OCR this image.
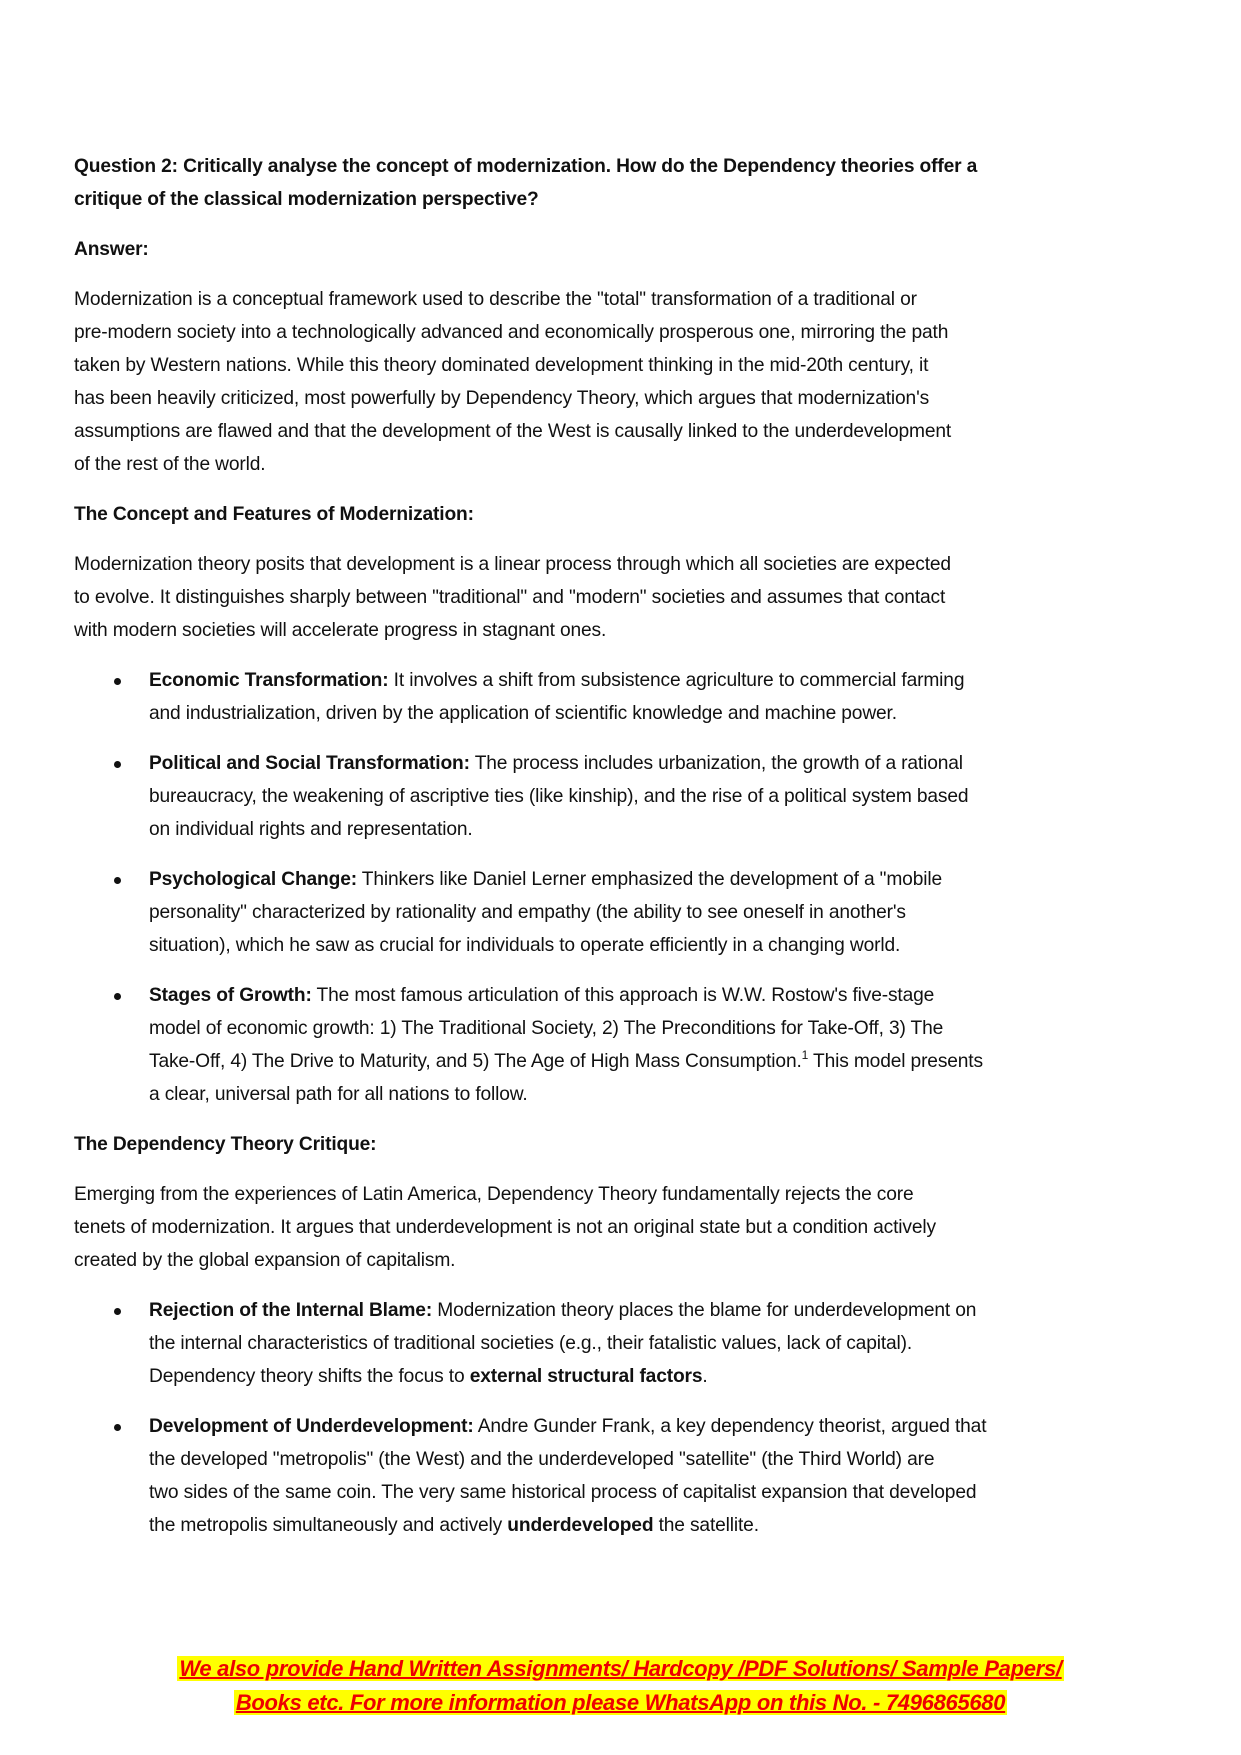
Question 2: Critically analyse the concept of modernization. How do the Dependency theories offer a
critique of the classical modernization perspective?

Answer:

Modernization is a conceptual framework used to describe the "total" transformation of a traditional or
pre-modern society into a technologically advanced and economically prosperous one, mirroring the path
taken by Western nations. While this theory dominated development thinking in the mid-20th century, it
has been heavily criticized, most powerfully by Dependency Theory, which argues that modernization's
assumptions are flawed and that the development of the West is causally linked to the underdevelopment
of the rest of the world.

The Concept and Features of Modernization:

Modernization theory posits that development is a linear process through which all societies are expected
to evolve. It distinguishes sharply between "traditional" and "modern" societies and assumes that contact
with modern societies will accelerate progress in stagnant ones.

Economic Transformation: It involves a shift from subsistence agriculture to commercial farming
and industrialization, driven by the application of scientific knowledge and machine power.
Political and Social Transformation: The process includes urbanization, the growth of a rational
bureaucracy, the weakening of ascriptive ties (like kinship), and the rise of a political system based
on individual rights and representation.
Psychological Change: Thinkers like Daniel Lerner emphasized the development of a "mobile
personality" characterized by rationality and empathy (the ability to see oneself in another's
situation), which he saw as crucial for individuals to operate efficiently in a changing world.
Stages of Growth: The most famous articulation of this approach is W.W. Rostow's five-stage
model of economic growth: 1) The Traditional Society, 2) The Preconditions for Take-Off, 3) The
Take-Off, 4) The Drive to Maturity, and 5) The Age of High Mass Consumption.$^1$ This model presents
a clear, universal path for all nations to follow.

The Dependency Theory Critique:

Emerging from the experiences of Latin America, Dependency Theory fundamentally rejects the core
tenets of modernization. It argues that underdevelopment is not an original state but a condition actively
created by the global expansion of capitalism.

Rejection of the Internal Blame: Modernization theory places the blame for underdevelopment on
the internal characteristics of traditional societies (e.g., their fatalistic values, lack of capital).
Dependency theory shifts the focus to external structural factors.
Development of Underdevelopment: Andre Gunder Frank, a key dependency theorist, argued that
the developed "metropolis" (the West) and the underdeveloped "satellite" (the Third World) are
two sides of the same coin. The very same historical process of capitalist expansion that developed
the metropolis simultaneously and actively underdeveloped the satellite.
We also provide Hand Written Assignments/ Hardcopy /PDF Solutions/ Sample Papers/
Books etc. For more information please WhatsApp on this No. - 7496865680
